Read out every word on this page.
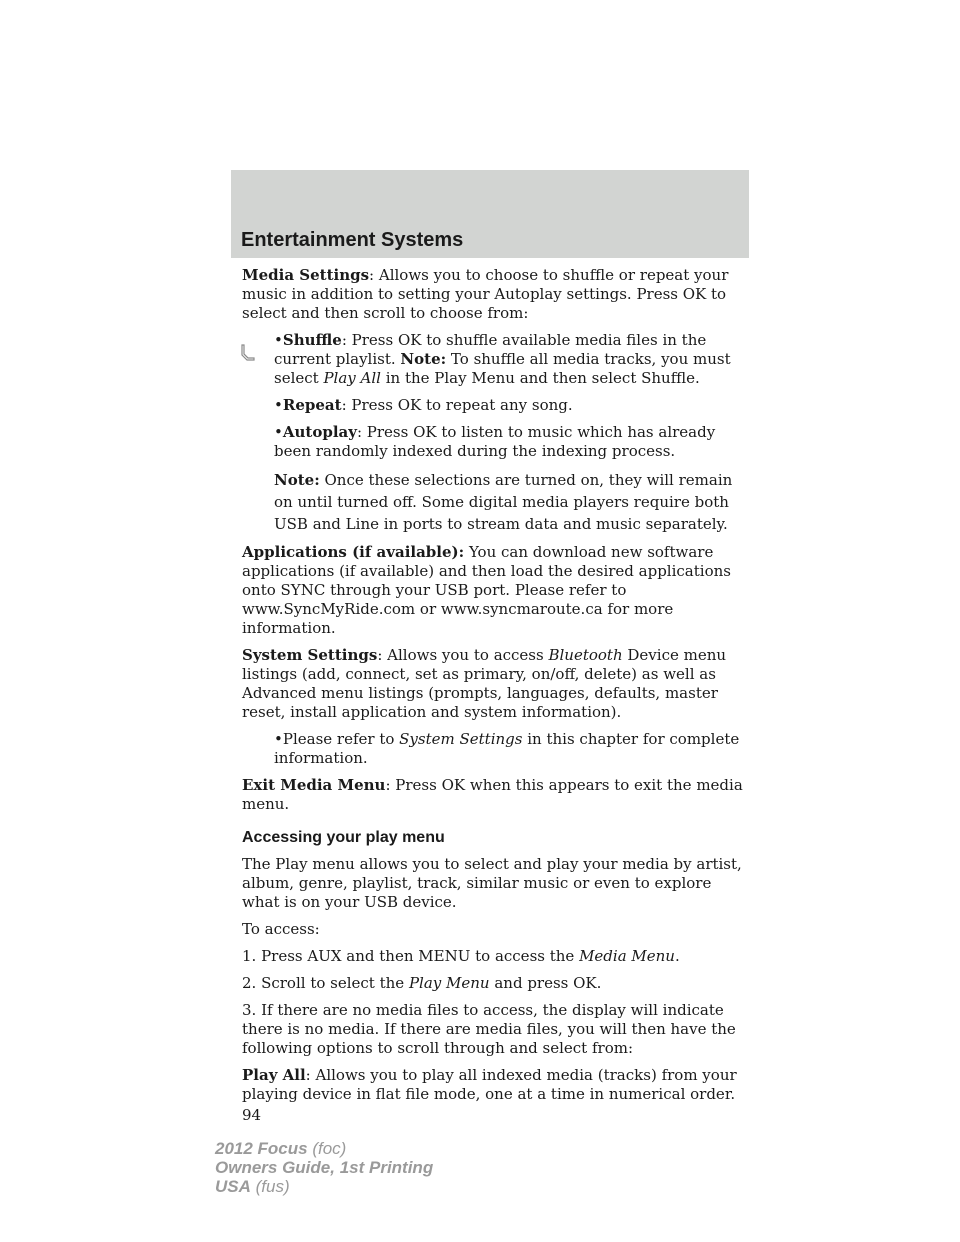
Entertainment Systems

Media Settings: Allows you to choose to shuffle or repeat your music in addition to setting your Autoplay settings. Press OK to select and then scroll to choose from:

•Shuffle: Press OK to shuffle available media files in the current playlist. Note: To shuffle all media tracks, you must select Play All in the Play Menu and then select Shuffle.

•Repeat: Press OK to repeat any song.

•Autoplay: Press OK to listen to music which has already been randomly indexed during the indexing process.

Note: Once these selections are turned on, they will remain on until turned off. Some digital media players require both USB and Line in ports to stream data and music separately.

Applications (if available): You can download new software applications (if available) and then load the desired applications onto SYNC through your USB port. Please refer to www.SyncMyRide.com or www.syncmaroute.ca for more information.

System Settings: Allows you to access Bluetooth Device menu listings (add, connect, set as primary, on/off, delete) as well as Advanced menu listings (prompts, languages, defaults, master reset, install application and system information).

•Please refer to System Settings in this chapter for complete information.

Exit Media Menu: Press OK when this appears to exit the media menu.

Accessing your play menu

The Play menu allows you to select and play your media by artist, album, genre, playlist, track, similar music or even to explore what is on your USB device.

To access:

1. Press AUX and then MENU to access the Media Menu.

2. Scroll to select the Play Menu and press OK.

3. If there are no media files to access, the display will indicate there is no media. If there are media files, you will then have the following options to scroll through and select from:

Play All: Allows you to play all indexed media (tracks) from your playing device in flat file mode, one at a time in numerical order.

94
2012 Focus (foc)
Owners Guide, 1st Printing
USA (fus)
